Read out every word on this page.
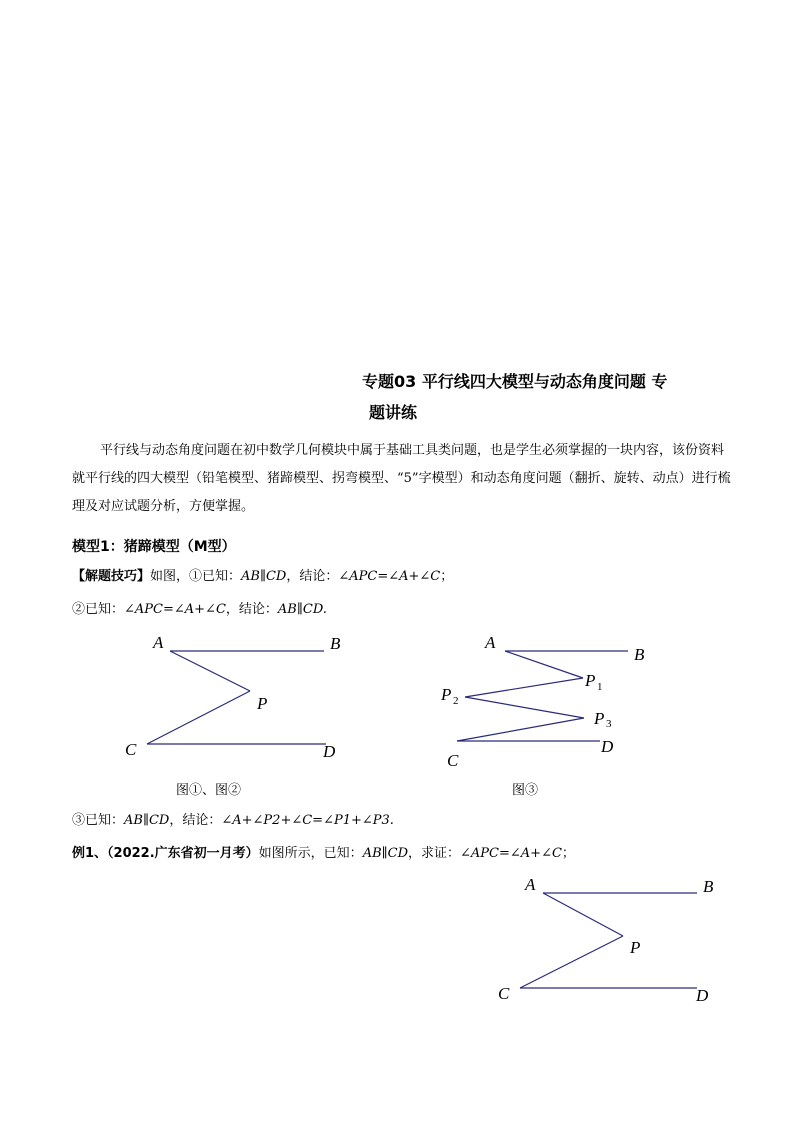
专题03 平行线四大模型与动态角度问题 专
题讲练
平行线与动态角度问题在初中数学几何模块中属于基础工具类问题，也是学生必须掌握的一块内容，该份资料就平行线的四大模型（铅笔模型、猪蹄模型、拐弯模型、“5”字模型）和动态角度问题（翻折、旋转、动点）进行梳理及对应试题分析，方便掌握。
模型1：猪蹄模型（M型）
【解题技巧】如图，①已知：AB∥CD，结论：∠APC=∠A+∠C；
②已知：∠APC=∠A+∠C，结论：AB∥CD.
A	B
P
C	D
A
B
P 1
P 2
P 3
C
D
图①、图②	图③
③已知：AB∥CD，结论：∠A+∠P2+∠C=∠P1+∠P3.
例1、（2022.广东省初一月考）如图所示，已知：AB∥CD，求证：∠APC=∠A+∠C；
A	B
P
C	D
